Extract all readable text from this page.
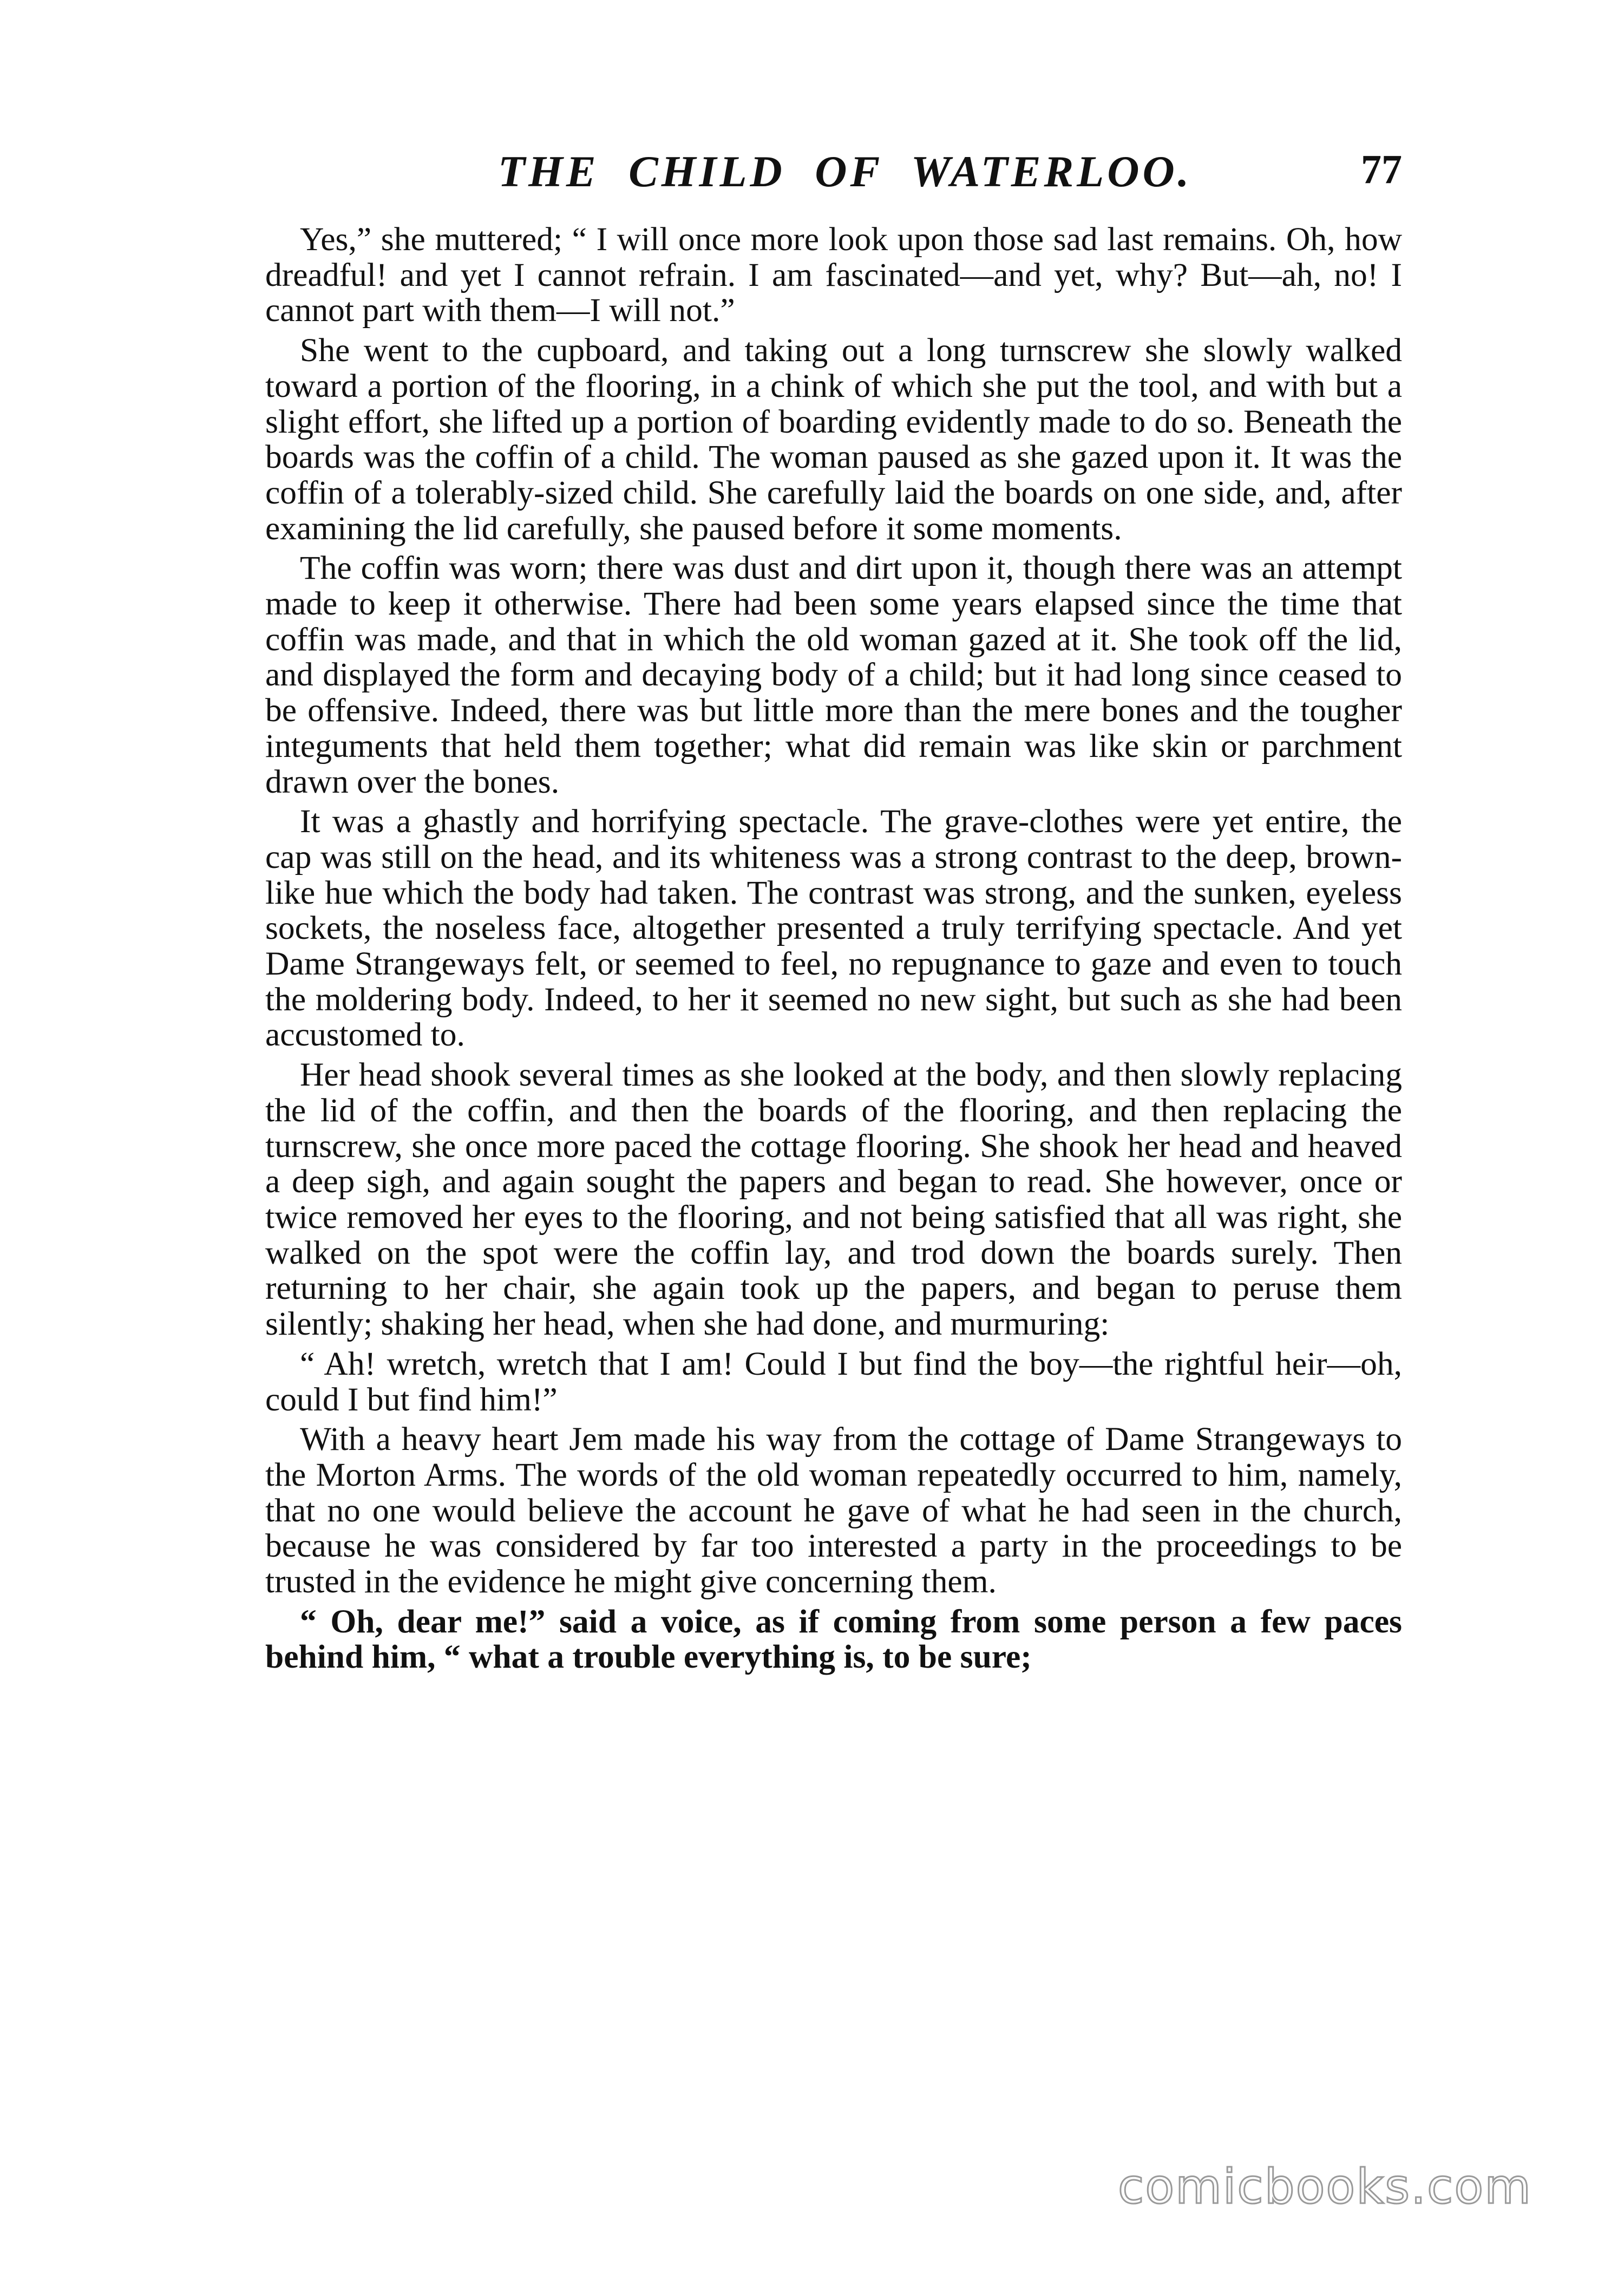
THE CHILD OF WATERLOO.	77

Yes,” she muttered; “ I will once more look upon those sad last remains. Oh, how dreadful! and yet I cannot refrain. I am fascinated—and yet, why? But—ah, no! I cannot part with them—I will not.”

She went to the cupboard, and taking out a long turnscrew she slowly walked toward a portion of the flooring, in a chink of which she put the tool, and with but a slight effort, she lifted up a portion of boarding evidently made to do so. Beneath the boards was the coffin of a child. The woman paused as she gazed upon it. It was the coffin of a tolerably-sized child. She carefully laid the boards on one side, and, after examining the lid carefully, she paused before it some moments.

The coffin was worn; there was dust and dirt upon it, though there was an attempt made to keep it otherwise. There had been some years elapsed since the time that coffin was made, and that in which the old woman gazed at it. She took off the lid, and displayed the form and decaying body of a child; but it had long since ceased to be offensive. Indeed, there was but little more than the mere bones and the tougher integuments that held them together; what did remain was like skin or parchment drawn over the bones.

It was a ghastly and horrifying spectacle. The grave-clothes were yet entire, the cap was still on the head, and its whiteness was a strong contrast to the deep, brown-like hue which the body had taken. The contrast was strong, and the sunken, eyeless sockets, the noseless face, altogether presented a truly terrifying spectacle. And yet Dame Strangeways felt, or seemed to feel, no repugnance to gaze and even to touch the moldering body. Indeed, to her it seemed no new sight, but such as she had been accustomed to.

Her head shook several times as she looked at the body, and then slowly replacing the lid of the coffin, and then the boards of the flooring, and then replacing the turnscrew, she once more paced the cottage flooring. She shook her head and heaved a deep sigh, and again sought the papers and began to read. She however, once or twice removed her eyes to the flooring, and not being satisfied that all was right, she walked on the spot were the coffin lay, and trod down the boards surely. Then returning to her chair, she again took up the papers, and began to peruse them silently; shaking her head, when she had done, and murmuring:

“ Ah! wretch, wretch that I am! Could I but find the boy—the rightful heir—oh, could I but find him!”

With a heavy heart Jem made his way from the cottage of Dame Strangeways to the Morton Arms. The words of the old woman repeatedly occurred to him, namely, that no one would believe the account he gave of what he had seen in the church, because he was considered by far too interested a party in the proceedings to be trusted in the evidence he might give concerning them.

“ Oh, dear me!” said a voice, as if coming from some person a few paces behind him, “ what a trouble everything is, to be sure;

comicbooks.com
